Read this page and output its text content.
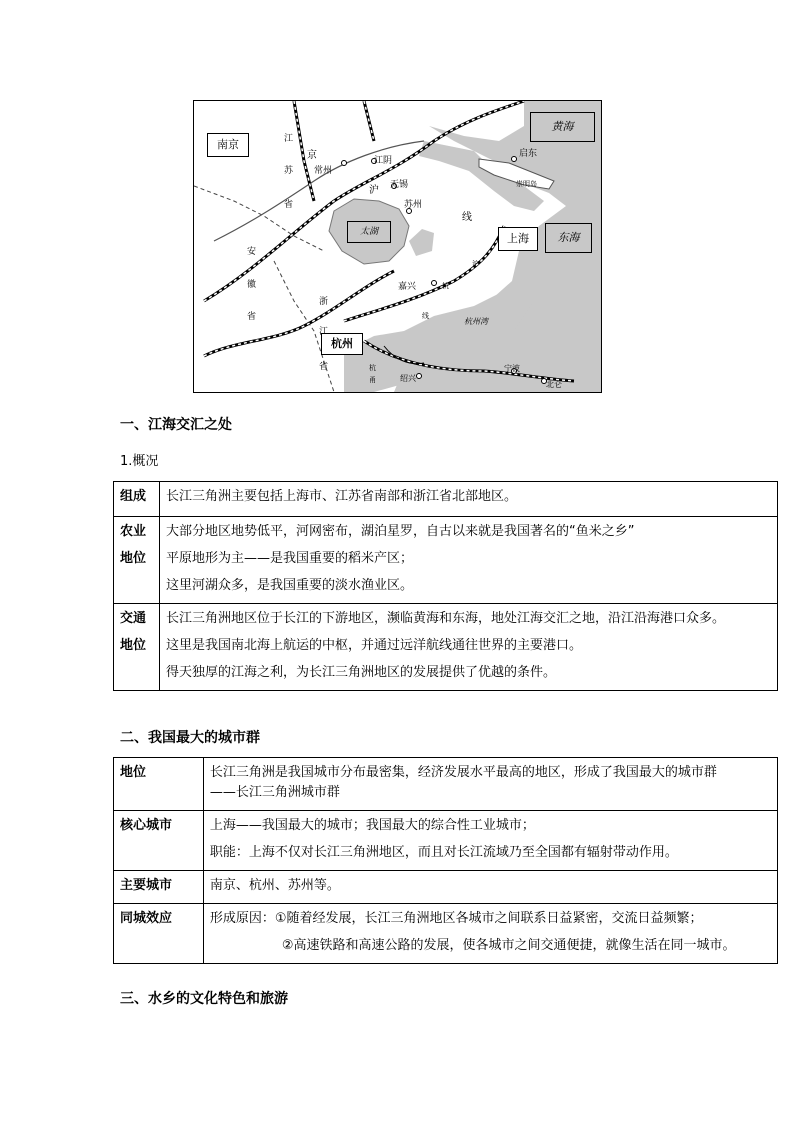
南京
黄海
东海
上海
杭州
太湖
启东
崇明岛
常州
江阴
无锡
苏州
嘉兴
杭州湾
绍兴
宁波
北仑
江
苏
省
安
徽
省
浙
江
省
京
沪
沪
杭
线
杭
甬
线
一、江海交汇之处
1.概况
组成	长江三角洲主要包括上海市、江苏省南部和浙江省北部地区。

农业
地位	大部分地区地势低平，河网密布，湖泊星罗，自古以来就是我国著名的“鱼米之乡”
平原地形为主——是我国重要的稻米产区；
这里河湖众多，是我国重要的淡水渔业区。

交通
地位	长江三角洲地区位于长江的下游地区，濒临黄海和东海，地处江海交汇之地，沿江沿海港口众多。
这里是我国南北海上航运的中枢，并通过远洋航线通往世界的主要港口。
得天独厚的江海之利，为长江三角洲地区的发展提供了优越的条件。
二、我国最大的城市群
地位	长江三角洲是我国城市分布最密集，经济发展水平最高的地区，形成了我国最大的城市群
——长江三角洲城市群

核心城市	上海——我国最大的城市；我国最大的综合性工业城市；
职能：上海不仅对长江三角洲地区，而且对长江流域乃至全国都有辐射带动作用。

主要城市	南京、杭州、苏州等。

同城效应	形成原因：①随着经发展，长江三角洲地区各城市之间联系日益紧密，交流日益频繁；
②高速铁路和高速公路的发展，使各城市之间交通便捷，就像生活在同一城市。
三、水乡的文化特色和旅游
